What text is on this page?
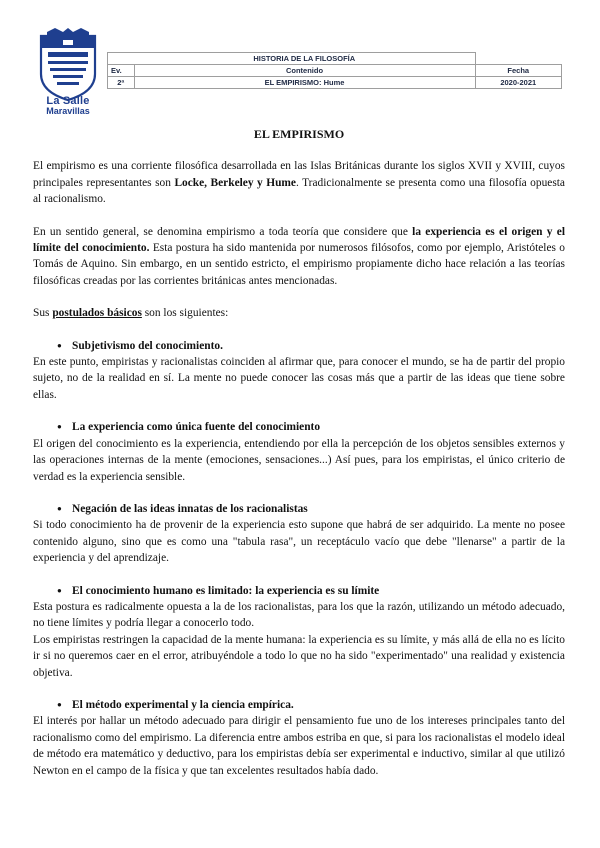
La Salle
Maravillas
	HISTORIA DE LA FILOSOFÍA	
Ev.	Contenido	Fecha
2ª	EL EMPIRISMO: Hume	2020-2021
EL EMPIRISMO

El empirismo es una corriente filosófica desarrollada en las Islas Británicas durante los siglos XVII y XVIII, cuyos principales representantes son Locke, Berkeley y Hume. Tradicionalmente se presenta como una filosofía opuesta al racionalismo.

En un sentido general, se denomina empirismo a toda teoría que considere que la experiencia es el origen y el límite del conocimiento. Esta postura ha sido mantenida por numerosos filósofos, como por ejemplo, Aristóteles o Tomás de Aquino. Sin embargo, en un sentido estricto, el empirismo propiamente dicho hace relación a las teorías filosóficas creadas por las corrientes británicas antes mencionadas.

Sus postulados básicos son los siguientes:

● Subjetivismo del conocimiento.

En este punto, empiristas y racionalistas coinciden al afirmar que, para conocer el mundo, se ha de partir del propio sujeto, no de la realidad en sí. La mente no puede conocer las cosas más que a partir de las ideas que tiene sobre ellas.

● La experiencia como única fuente del conocimiento

El origen del conocimiento es la experiencia, entendiendo por ella la percepción de los objetos sensibles externos y las operaciones internas de la mente (emociones, sensaciones...) Así pues, para los empiristas, el único criterio de verdad es la experiencia sensible.

● Negación de las ideas innatas de los racionalistas

Si todo conocimiento ha de provenir de la experiencia esto supone que habrá de ser adquirido. La mente no posee contenido alguno, sino que es como una "tabula rasa", un receptáculo vacío que debe "llenarse" a partir de la experiencia y del aprendizaje.

● El conocimiento humano es limitado: la experiencia es su límite

Esta postura es radicalmente opuesta a la de los racionalistas, para los que la razón, utilizando un método adecuado, no tiene límites y podría llegar a conocerlo todo.

Los empiristas restringen la capacidad de la mente humana: la experiencia es su límite, y más allá de ella no es lícito ir si no queremos caer en el error, atribuyéndole a todo lo que no ha sido "experimentado" una realidad y existencia objetiva.

● El método experimental y la ciencia empírica.

El interés por hallar un método adecuado para dirigir el pensamiento fue uno de los intereses principales tanto del racionalismo como del empirismo. La diferencia entre ambos estriba en que, si para los racionalistas el modelo ideal de método era matemático y deductivo, para los empiristas debía ser experimental e inductivo, similar al que utilizó Newton en el campo de la física y que tan excelentes resultados había dado.
